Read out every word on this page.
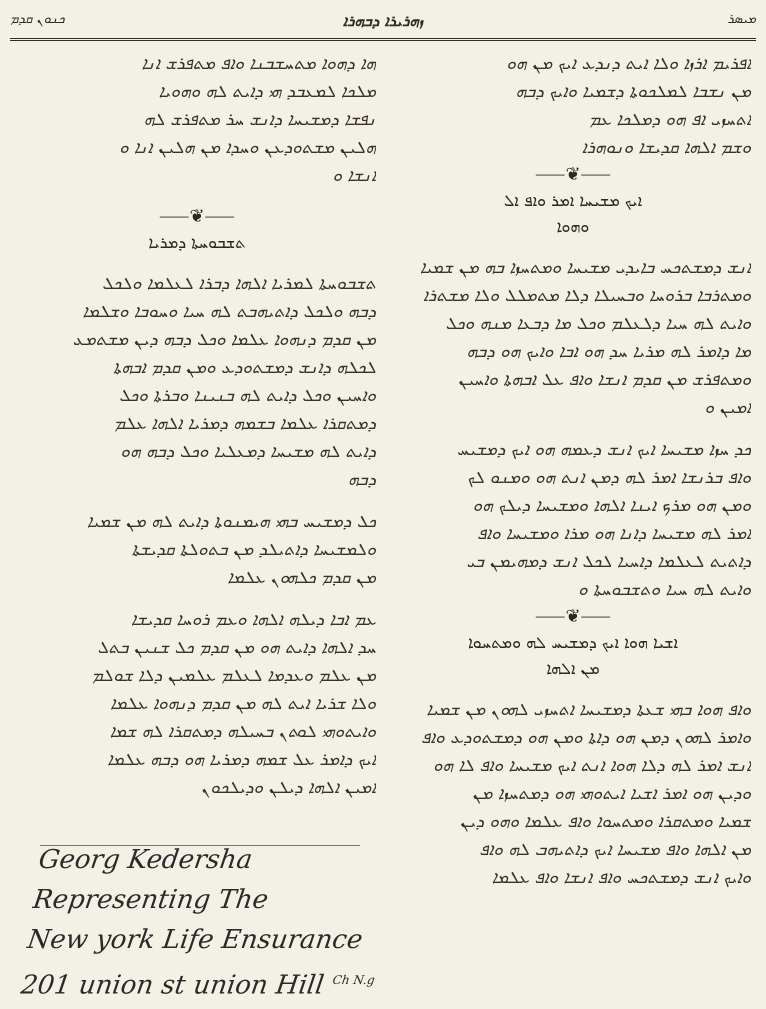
ܟܢܘܢ ܩܕܡ	ܙܗܪܝܪܐ ܕܒܗܪܐ	ܡܝܣܪ
ܗܐ ܕܗܘܐ ܡܬܚܫܒܢܐ ܘܐܦ ܡܬܦܪܫ ܐܢܐ
ܡܠܟܐ ܠܡܥܒܕ ܗܝ ܕܐܝܬ ܠܗ ܘܗܘܝܐ
ܢܦܫܐ ܕܡܫܝܚܐ ܕܐܢܫ ܚܪ ܡܬܦܪܫ ܠܗ
ܗܠܝܢ ܡܫܬܘܕܥܢ ܘܚܕܐ ܡܢ ܗܠܝܢ ܐܢܐ ܘ
ܐܢܫܐ ܘ
⸺❦⸺
ܬܫܒܘܚܬܐ ܕܡܪܝܐ
ܬܫܒܘܚܬܐ ܠܡܪܝܐ ܐܠܗܐ ܕܒܪܐ ܠܥܠܡܐ ܘܠܟܠ
ܕܒܗ ܘܠܟܠ ܕܐܬܝܗܒܬ ܠܗ ܚܝܐ ܘܚܘܒܐ ܘܫܠܡܐ
ܡܢ ܩܕܡ ܕܢܗܘܐ ܥܠܡܐ ܘܟܠ ܕܒܗ ܕܝܢ ܡܫܬܡܥ
ܠܟܠܗ ܕܐܢܫ ܕܡܫܬܘܕܥ ܘܡܢ ܩܕܡ ܐܒܗܬܐ
ܘܐܚܝܢ ܘܟܠ ܕܐܝܬ ܠܗ ܒܢܝܢܐ ܘܒܪܬܐ ܘܟܠ
ܕܡܬܩܪܐ ܥܠܡܐ ܒܫܡܗ ܕܡܪܝܐ ܐܠܗܐ ܥܠܡ
ܕܐܝܬ ܠܗ ܡܫܝܚܐ ܕܡܥܠܝܐ ܘܟܠ ܕܒܗ ܗܘ
ܕܒܗ
ܟܠ ܕܡܫܝܚ ܒܗܝ ܗܝܡܢܘܬܐ ܕܐܝܬ ܠܗ ܡܢ ܫܡܝܐ
ܘܠܡܫܝܚܐ ܕܐܬܝܠܕ ܡܢ ܒܬܘܠܬܐ ܩܕܝܫܬܐ
ܡܢ ܩܕܡ ܟܠܗܘܢ ܥܠܡܐ
ܥܡ ܐܒܐ ܕܝܠܗ ܐܠܗܐ ܘܥܡ ܪܘܚܐ ܩܕܝܫܐ
ܚܕ ܐܠܗܐ ܕܐܝܬ ܗܘ ܡܢ ܩܕܡ ܟܠ ܫܢܝܢ ܒܬܠ
ܡܢ ܥܠܡ ܘܥܕܡܐ ܠܥܠܡ ܥܠܡܝܢ ܕܠܐ ܫܘܠܡ
ܘܠܐ ܫܪܝܐ ܐܝܬ ܠܗ ܡܢ ܩܕܡ ܕܢܗܘܐ ܥܠܡܐ
ܘܐܝܬܘܗܝ ܠܘܬܢ ܒܚܝܠܗ ܕܡܬܩܪܐ ܠܗ ܫܡܐ
ܐܝܟ ܕܐܡܪ ܥܠ ܫܡܗ ܕܡܪܝܐ ܗܘ ܕܒܗ ܥܠܡܐ
ܐܡܝܢ ܐܠܗܐ ܕܝܠܢ ܘܕܝܠܟܘܢ
ܐܦܪܝܡ ܐܪܙܐ ܘܠܐ ܐܝܬ ܕܢܕܥ ܐܝܟ ܡܢ ܗܘ
ܡܢ ܢܫܒܐ ܠܡܠܟܘܬܐ ܕܫܡܝܐ ܘܐܝܟ ܕܒܗ
ܐܬܚܙܝ ܐܦ ܗܘ ܕܡܠܟܐ ܥܡ
ܘܫܡ ܐܠܗܐ ܩܕܝܫܐ ܘܢܘܗܪܐ
⸺❦⸺
ܐܝܟ ܡܫܝܚܐ ܐܡܪ ܘܐܦ ܐܠ
ܘܗܘܐ
ܐܢܫ ܕܡܫܬܟܚ ܒܐܝܕܝ ܡܫܝܚܐ ܘܡܬܚܙܐ ܒܗ ܡܢ ܫܡܝܐ
ܘܡܬܪܒܐ ܒܪܘܚܐ ܘܒܚܝܠܐ ܕܠܐ ܡܬܡܠܠ ܘܠܐ ܡܫܬܪܐ
ܘܐܝܬ ܠܗ ܚܝܐ ܕܠܥܠܡ ܘܟܠ ܡܐ ܕܒܥܐ ܡܢܗ ܘܟܠ
ܡܐ ܕܐܡܪ ܠܗ ܡܪܝܐ ܚܕ ܗܘ ܐܒܐ ܘܐܝܟ ܗܘ ܕܒܗ
ܘܡܬܦܪܫ ܡܢ ܩܕܡ ܐܢܫܐ ܘܐܦ ܥܠ ܐܒܗܬܐ ܘܐܚܝܢ
ܐܡܝܢ ܘ
ܟܕ ܚܙܐ ܡܫܝܚܐ ܐܝܟ ܐܢܫ ܕܥܡܗ ܗܘ ܐܝܟ ܕܡܫܝܚ
ܘܐܦ ܒܪܢܫܐ ܐܡܪ ܠܗ ܕܡܢ ܐܢܬ ܗܘ ܘܡܢܘ ܠܟ
ܘܡܢ ܗܘ ܡܪܟ ܐܝܢܐ ܐܠܗܐ ܘܡܫܝܚܐ ܕܝܠܟ ܗܘ
ܐܡܪ ܠܗ ܡܫܝܚܐ ܕܐܢܐ ܗܘ ܡܪܐ ܘܡܫܝܚܐ ܘܐܦ
ܕܐܬܝܬ ܠܥܠܡܐ ܕܐܚܝܐ ܠܟܠ ܐܢܫ ܕܡܗܝܡܢ ܒܝ
ܘܐܝܬ ܠܗ ܚܝܐ ܘܬܫܒܘܚܬܐ ܘ
⸺❦⸺
ܐܫܝܐ ܗܘܐ ܐܝܟ ܕܡܫܝܚ ܠܗ ܘܡܬܚܘܐ
ܡܢ ܐܠܗܐ
ܘܐܦ ܗܘܐ ܒܗܝ ܫܥܬܐ ܕܡܫܝܚܐ ܐܬܚܙܝ ܠܗܘܢ ܡܢ ܫܡܝܐ
ܘܐܡܪ ܠܗܘܢ ܕܡܢ ܗܘ ܕܐܬܐ ܘܡܢ ܗܘ ܕܡܫܬܘܕܥ ܘܐܦ
ܐܢܫ ܐܡܪ ܠܗ ܕܠܐ ܗܘܐ ܐܢܬ ܐܝܟ ܡܫܝܚܐ ܘܐܦ ܠܐ ܗܘ
ܘܕܝܢ ܗܘ ܐܡܪ ܐܫܝܐ ܐܝܬܘܗܝ ܗܘ ܕܡܬܚܙܐ ܡܢ
ܫܡܝܐ ܘܡܬܩܪܐ ܘܡܬܚܘܐ ܘܐܦ ܥܠܡܐ ܘܗܘ ܕܝܢ
ܡܢ ܐܠܗܐ ܘܐܦ ܡܫܝܚܐ ܐܝܟ ܕܐܬܝܗܒ ܠܗ ܘܐܦ
ܘܐܝܟ ܐܢܫ ܕܡܫܬܟܚ ܘܐܦ ܐܢܫܐ ܘܐܦ ܥܠܡܐ
Georg Kedersha
Representing The
New york Life Ensurance
201 union st union Hill $^{Ch N.g}$
